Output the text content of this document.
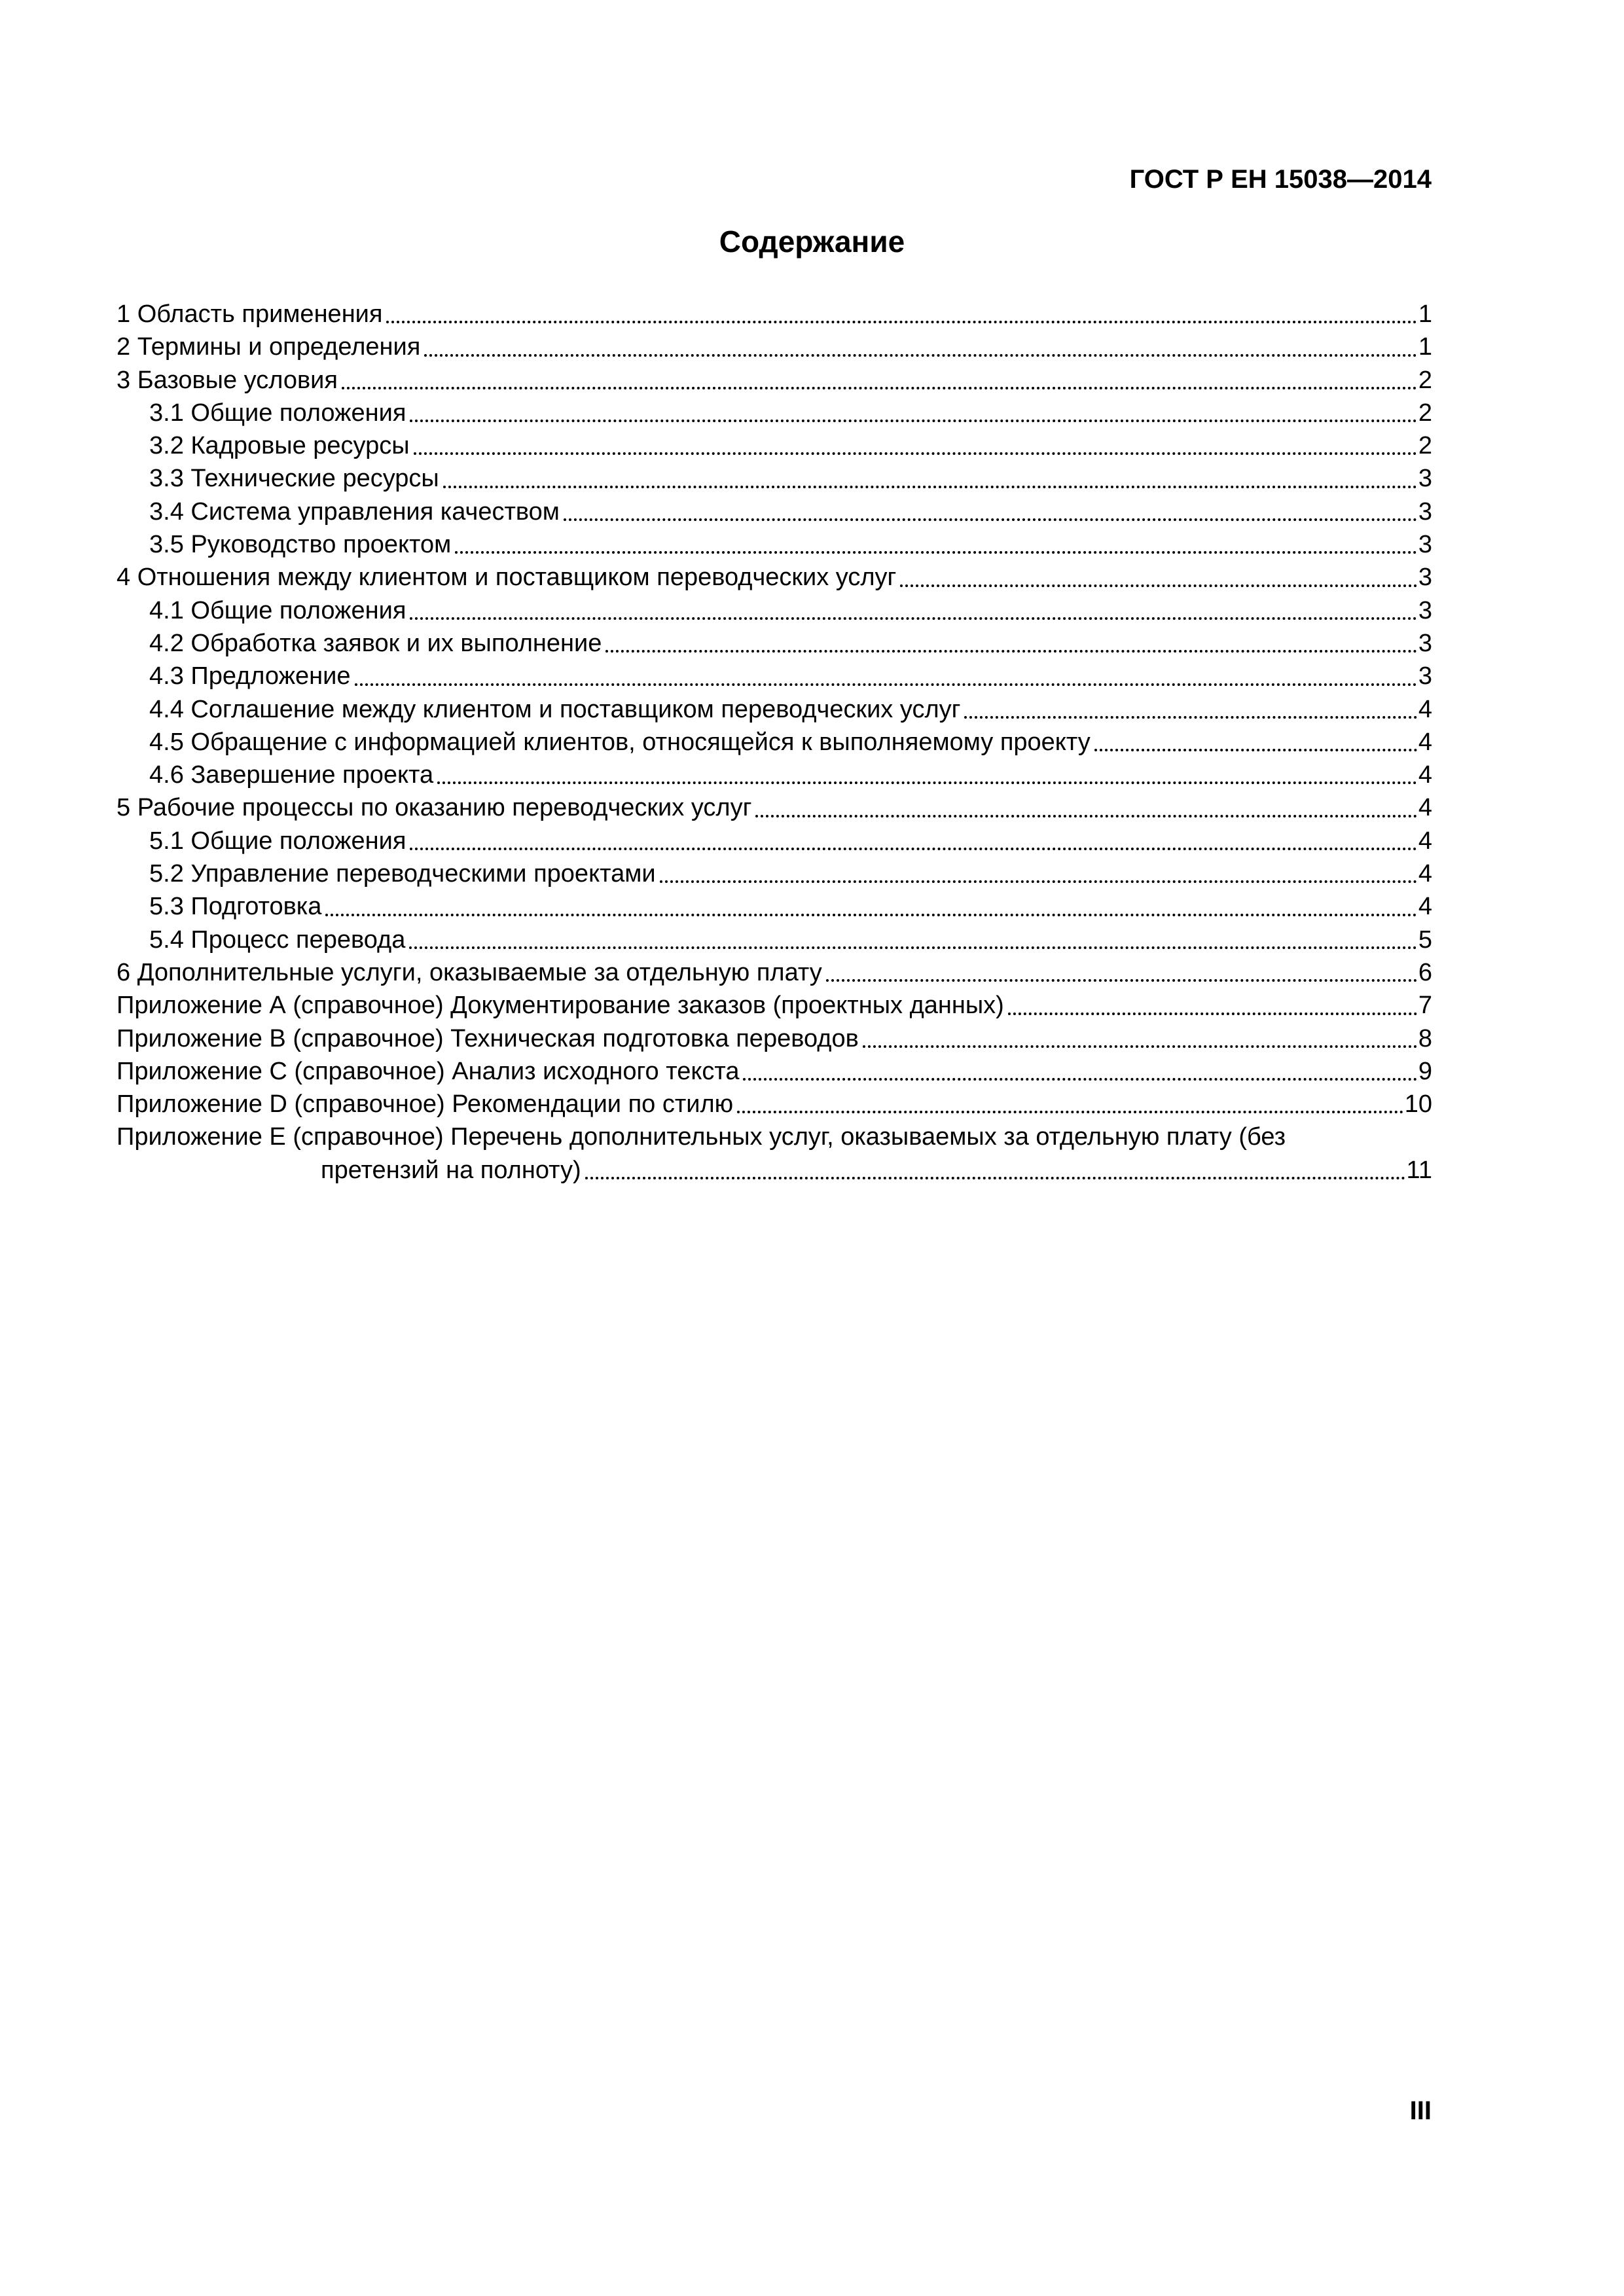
ГОСТ Р ЕН 15038—2014
Содержание
1 Область применения	1
2 Термины и определения	1
3 Базовые условия	2
3.1 Общие положения	2
3.2 Кадровые ресурсы	2
3.3 Технические ресурсы	3
3.4 Система управления качеством	3
3.5 Руководство проектом	3
4 Отношения между клиентом и поставщиком переводческих услуг	3
4.1 Общие положения	3
4.2 Обработка заявок и их выполнение	3
4.3 Предложение	3
4.4 Соглашение между клиентом и поставщиком переводческих услуг	4
4.5 Обращение с информацией клиентов, относящейся к выполняемому проекту	4
4.6 Завершение проекта	4
5 Рабочие процессы по оказанию переводческих услуг	4
5.1 Общие положения	4
5.2 Управление переводческими проектами	4
5.3 Подготовка	4
5.4 Процесс перевода	5
6 Дополнительные услуги, оказываемые за отдельную плату	6
Приложение А (справочное) Документирование заказов (проектных данных)	7
Приложение В (справочное) Техническая подготовка переводов	8
Приложение С (справочное) Анализ исходного текста	9
Приложение D (справочное) Рекомендации по стилю	10
Приложение Е (справочное) Перечень дополнительных услуг, оказываемых за отдельную плату (без
претензий на полноту)	11
III
